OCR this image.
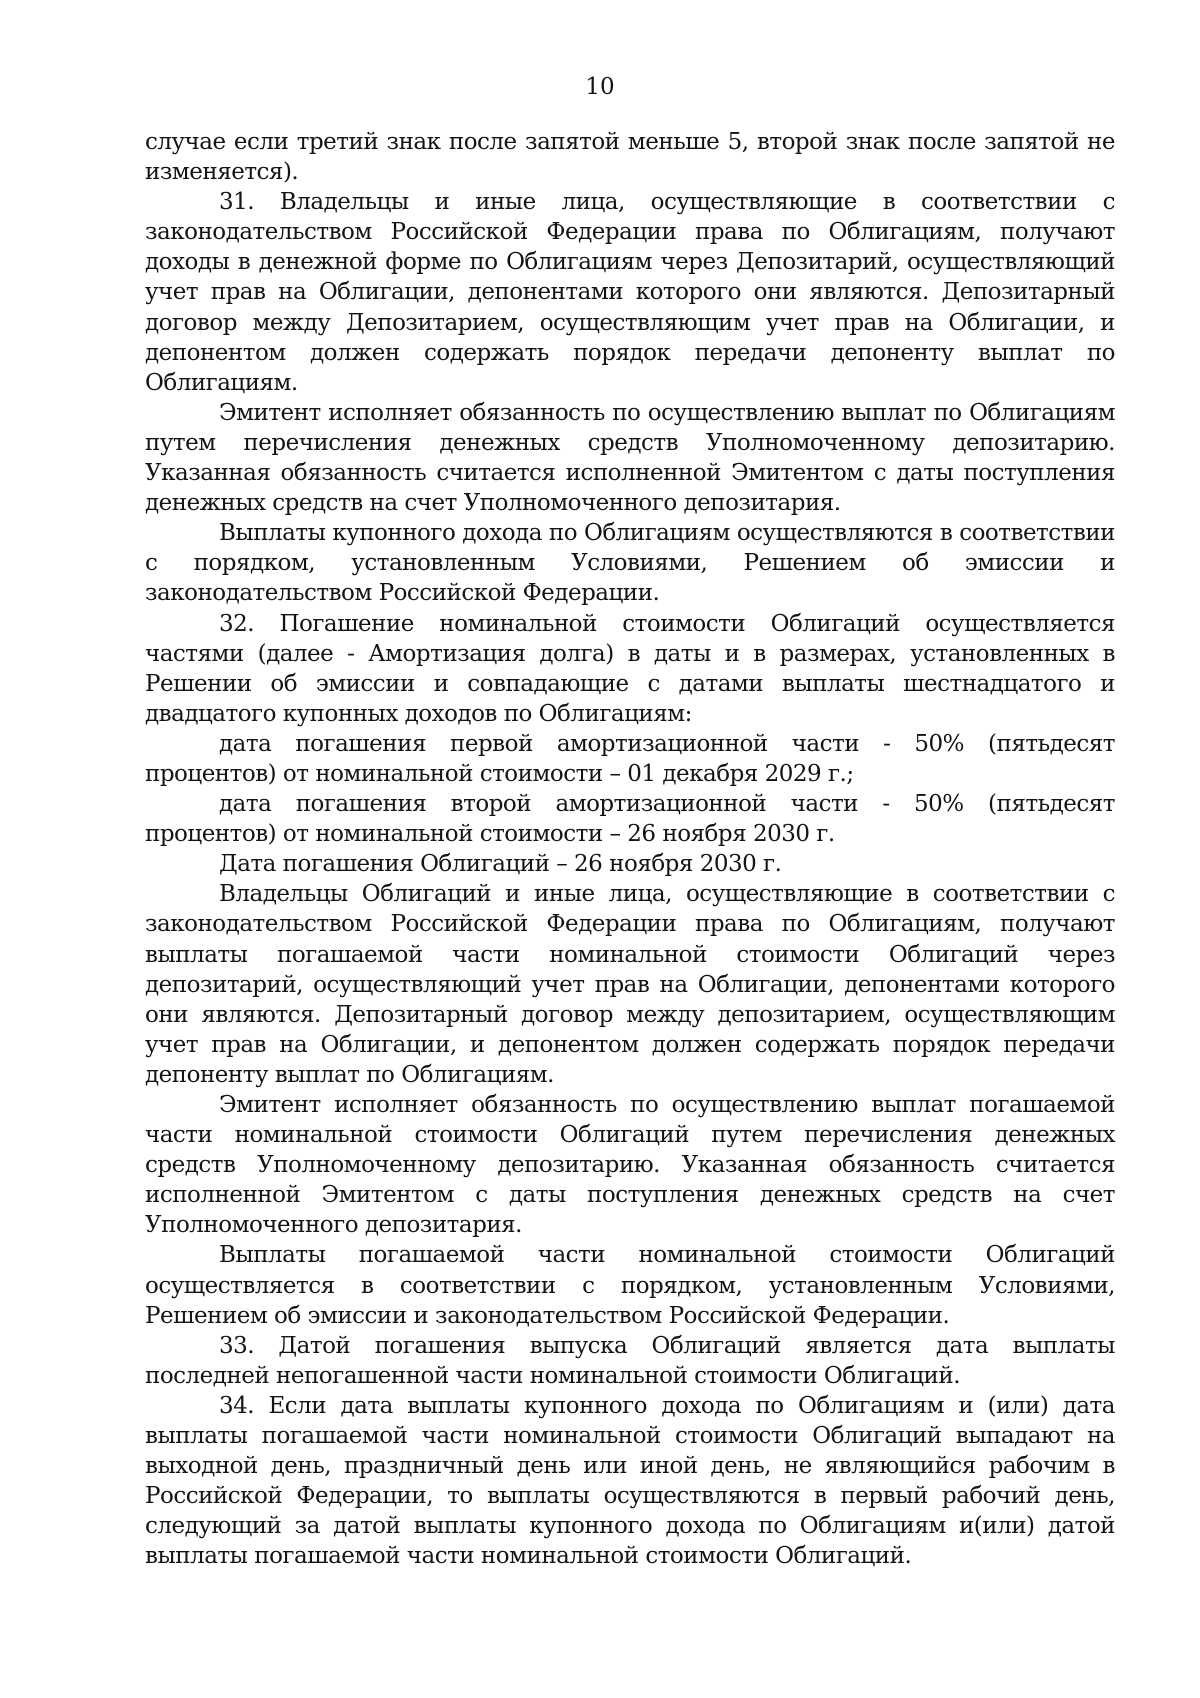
10

случае если третий знак после запятой меньше 5, второй знак после запятой не изменяется).

31. Владельцы и иные лица, осуществляющие в соответствии с законодательством Российской Федерации права по Облигациям, получают доходы в денежной форме по Облигациям через Депозитарий, осуществляющий учет прав на Облигации, депонентами которого они являются. Депозитарный договор между Депозитарием, осуществляющим учет прав на Облигации, и депонентом должен содержать порядок передачи депоненту выплат по Облигациям.

Эмитент исполняет обязанность по осуществлению выплат по Облигациям путем перечисления денежных средств Уполномоченному депозитарию. Указанная обязанность считается исполненной Эмитентом с даты поступления денежных средств на счет Уполномоченного депозитария.

Выплаты купонного дохода по Облигациям осуществляются в соответствии с порядком, установленным Условиями, Решением об эмиссии и законодательством Российской Федерации.

32. Погашение номинальной стоимости Облигаций осуществляется частями (далее - Амортизация долга) в даты и в размерах, установленных в Решении об эмиссии и совпадающие с датами выплаты шестнадцатого и двадцатого купонных доходов по Облигациям:

дата погашения первой амортизационной части - 50% (пятьдесят процентов) от номинальной стоимости – 01 декабря 2029 г.;

дата погашения второй амортизационной части - 50% (пятьдесят процентов) от номинальной стоимости – 26 ноября 2030 г.

Дата погашения Облигаций – 26 ноября 2030 г.

Владельцы Облигаций и иные лица, осуществляющие в соответствии с законодательством Российской Федерации права по Облигациям, получают выплаты погашаемой части номинальной стоимости Облигаций через депозитарий, осуществляющий учет прав на Облигации, депонентами которого они являются. Депозитарный договор между депозитарием, осуществляющим учет прав на Облигации, и депонентом должен содержать порядок передачи депоненту выплат по Облигациям.

Эмитент исполняет обязанность по осуществлению выплат погашаемой части номинальной стоимости Облигаций путем перечисления денежных средств Уполномоченному депозитарию. Указанная обязанность считается исполненной Эмитентом с даты поступления денежных средств на счет Уполномоченного депозитария.

Выплаты погашаемой части номинальной стоимости Облигаций осуществляется в соответствии с порядком, установленным Условиями, Решением об эмиссии и законодательством Российской Федерации.

33. Датой погашения выпуска Облигаций является дата выплаты последней непогашенной части номинальной стоимости Облигаций.

34. Если дата выплаты купонного дохода по Облигациям и (или) дата выплаты погашаемой части номинальной стоимости Облигаций выпадают на выходной день, праздничный день или иной день, не являющийся рабочим в Российской Федерации, то выплаты осуществляются в первый рабочий день, следующий за датой выплаты купонного дохода по Облигациям и(или) датой выплаты погашаемой части номинальной стоимости Облигаций.
